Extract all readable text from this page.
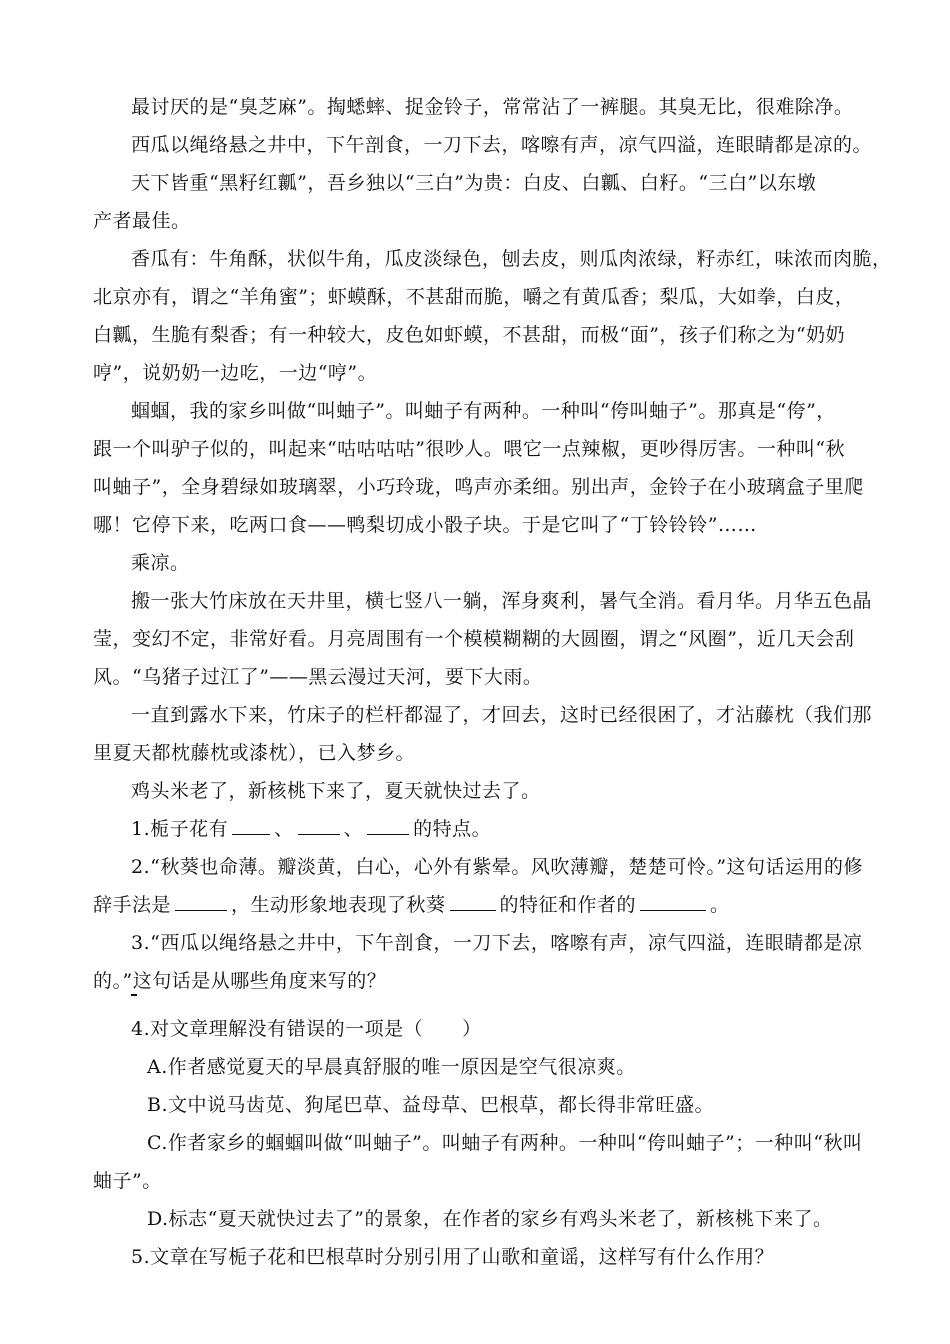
最讨厌的是“臭芝麻”。掏蟋蟀、捉金铃子，常常沾了一裤腿。其臭无比，很难除净。
西瓜以绳络悬之井中，下午剖食，一刀下去，喀嚓有声，凉气四溢，连眼睛都是凉的。
天下皆重“黑籽红瓤”，吾乡独以“三白”为贵：白皮、白瓤、白籽。“三白”以东墩
产者最佳。
香瓜有：牛角酥，状似牛角，瓜皮淡绿色，刨去皮，则瓜肉浓绿，籽赤红，味浓而肉脆，
北京亦有，谓之“羊角蜜”；虾蟆酥，不甚甜而脆，嚼之有黄瓜香；梨瓜，大如拳，白皮，
白瓤，生脆有梨香；有一种较大，皮色如虾蟆，不甚甜，而极“面”，孩子们称之为“奶奶
哼”，说奶奶一边吃，一边“哼”。
蝈蝈，我的家乡叫做“叫蚰子”。叫蚰子有两种。一种叫“侉叫蚰子”。那真是“侉”，
跟一个叫驴子似的，叫起来“咕咕咕咕”很吵人。喂它一点辣椒，更吵得厉害。一种叫“秋
叫蚰子”，全身碧绿如玻璃翠，小巧玲珑，鸣声亦柔细。别出声，金铃子在小玻璃盒子里爬
哪！它停下来，吃两口食——鸭梨切成小骰子块。于是它叫了“丁铃铃铃”……
乘凉。
搬一张大竹床放在天井里，横七竖八一躺，浑身爽利，暑气全消。看月华。月华五色晶
莹，变幻不定，非常好看。月亮周围有一个模模糊糊的大圆圈，谓之“风圈”，近几天会刮
风。“乌猪子过江了”——黑云漫过天河，要下大雨。
一直到露水下来，竹床子的栏杆都湿了，才回去，这时已经很困了，才沾藤枕（我们那
里夏天都枕藤枕或漆枕），已入梦乡。
鸡头米老了，新核桃下来了，夏天就快过去了。
1.栀子花有 、	、	的特点。
2.“秋葵也命薄。瓣淡黄，白心，心外有紫晕。风吹薄瓣，楚楚可怜。”这句话运用的修
辞手法是	，生动形象地表现了秋葵	的特征和作者的	。
3.“西瓜以绳络悬之井中，下午剖食，一刀下去，喀嚓有声，凉气四溢，连眼睛都是凉
的。”这句话是从哪些角度来写的？
4.对文章理解没有错误的一项是（　　）
A.作者感觉夏天的早晨真舒服的唯一原因是空气很凉爽。
B.文中说马齿苋、狗尾巴草、益母草、巴根草，都长得非常旺盛。
C.作者家乡的蝈蝈叫做“叫蚰子”。叫蚰子有两种。一种叫“侉叫蚰子”；一种叫“秋叫
蚰子”。
D.标志“夏天就快过去了”的景象，在作者的家乡有鸡头米老了，新核桃下来了。
5.文章在写栀子花和巴根草时分别引用了山歌和童谣，这样写有什么作用？
